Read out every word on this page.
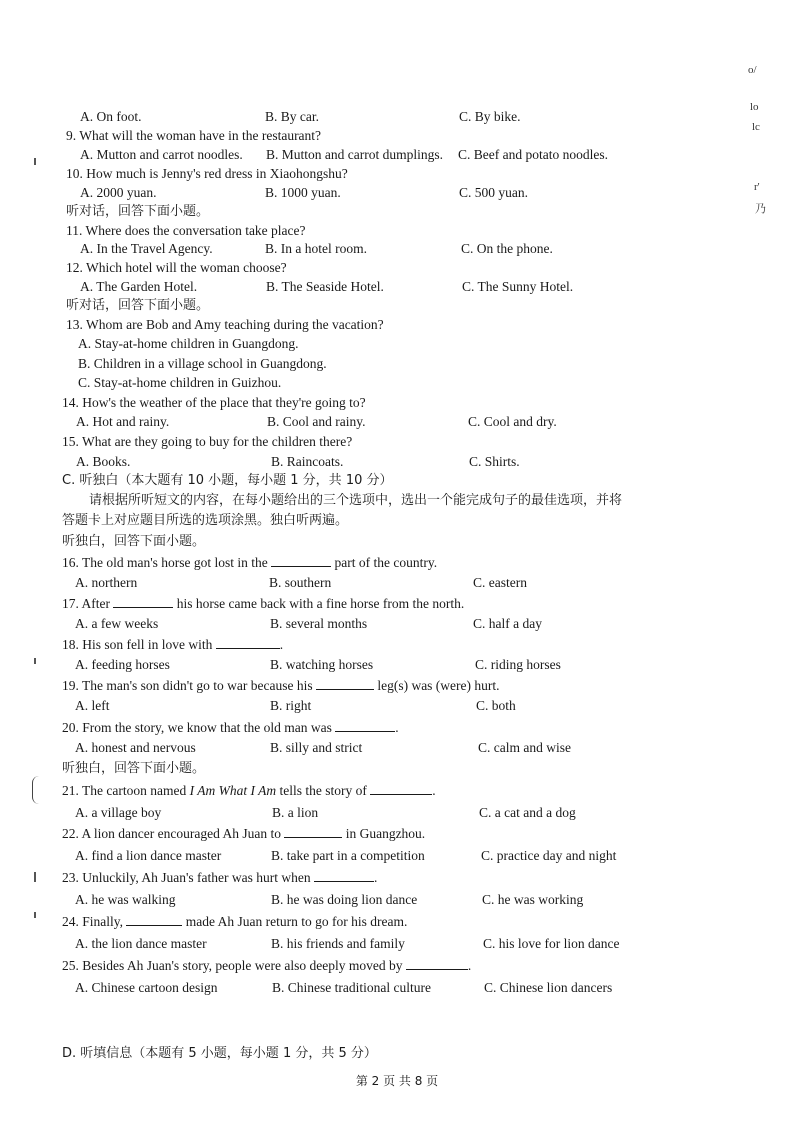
A. On foot.	B. By car.	C. By bike.
9. What will the woman have in the restaurant?
A. Mutton and carrot noodles. B. Mutton and carrot dumplings. C. Beef and potato noodles.
10. How much is Jenny's red dress in Xiaohongshu?
A. 2000 yuan.	B. 1000 yuan.	C. 500 yuan.
听对话，回答下面小题。
11. Where does the conversation take place?
A. In the Travel Agency.	B. In a hotel room.	C. On the phone.
12. Which hotel will the woman choose?
A. The Garden Hotel.	B. The Seaside Hotel.	C. The Sunny Hotel.
听对话，回答下面小题。
13. Whom are Bob and Amy teaching during the vacation?
A. Stay-at-home children in Guangdong.
B. Children in a village school in Guangdong.
C. Stay-at-home children in Guizhou.
14. How's the weather of the place that they're going to?
A. Hot and rainy.	B. Cool and rainy.	C. Cool and dry.
15. What are they going to buy for the children there?
A. Books.	B. Raincoats.	C. Shirts.
C. 听独白（本大题有 10 小题，每小题 1 分，共 10 分）
请根据所听短文的内容，在每小题给出的三个选项中，选出一个能完成句子的最佳选项，并将
答题卡上对应题目所选的选项涂黑。独白听两遍。
听独白，回答下面小题。
16. The old man's horse got lost in the	part of the country.
A. northern	B. southern	C. eastern
17. After	his horse came back with a fine horse from the north.
A. a few weeks	B. several months	C. half a day
18. His son fell in love with	.
A. feeding horses	B. watching horses	C. riding horses
19. The man's son didn't go to war because his	leg(s) was (were) hurt.
A. left	B. right	C. both
20. From the story, we know that the old man was	.
A. honest and nervous	B. silly and strict	C. calm and wise
听独白，回答下面小题。
21. The cartoon named I Am What I Am tells the story of	.
A. a village boy	B. a lion	C. a cat and a dog
22. A lion dancer encouraged Ah Juan to	in Guangzhou.
A. find a lion dance master	B. take part in a competition	C. practice day and night
23. Unluckily, Ah Juan's father was hurt when	.
A. he was walking	B. he was doing lion dance	C. he was working
24. Finally,	made Ah Juan return to go for his dream.
A. the lion dance master	B. his friends and family	C. his love for lion dance
25. Besides Ah Juan's story, people were also deeply moved by	.
A. Chinese cartoon design	B. Chinese traditional culture	C. Chinese lion dancers
D. 听填信息（本题有 5 小题，每小题 1 分，共 5 分）
第 2 页 共 8 页
o/
lo
lc
r'
乃
